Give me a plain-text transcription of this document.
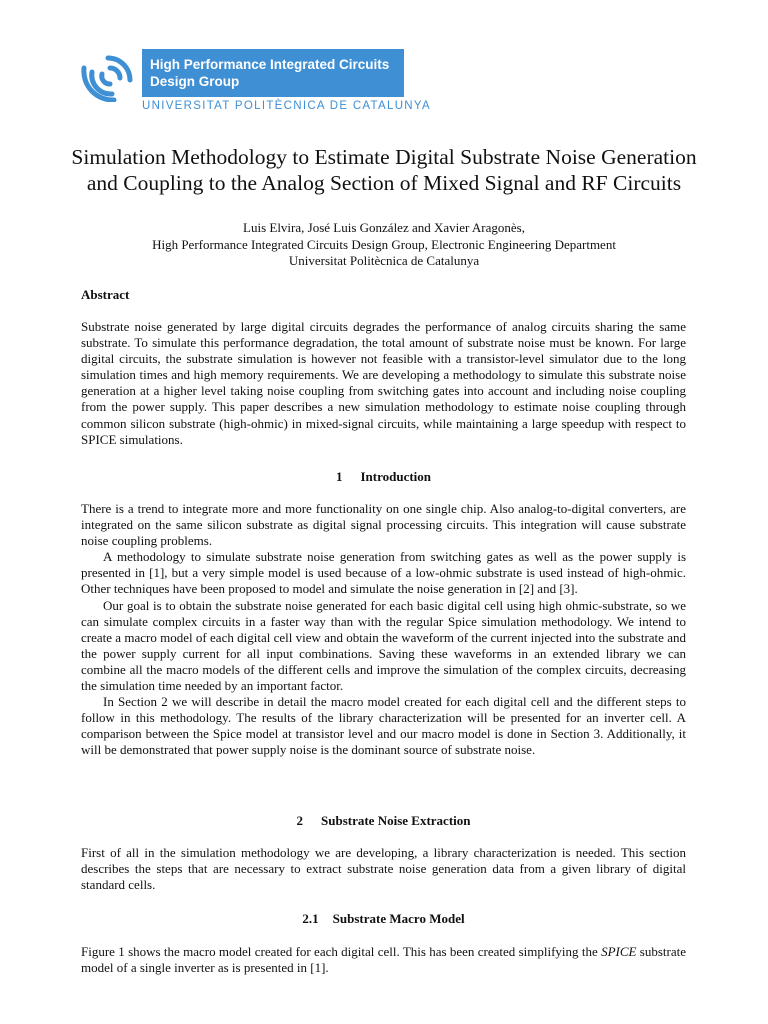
High Performance Integrated Circuits
Design Group
UNIVERSITAT POLITÈCNICA DE CATALUNYA
Simulation Methodology to Estimate Digital Substrate Noise Generation and Coupling to the Analog Section of Mixed Signal and RF Circuits
Luis Elvira, José Luis González and Xavier Aragonès,
High Performance Integrated Circuits Design Group, Electronic Engineering Department
Universitat Politècnica de Catalunya
Abstract

Substrate noise generated by large digital circuits degrades the performance of analog circuits sharing the same substrate. To simulate this performance degradation, the total amount of substrate noise must be known. For large digital circuits, the substrate simulation is however not feasible with a transistor-level simulator due to the long simulation times and high memory requirements. We are developing a methodology to simulate this substrate noise generation at a higher level taking noise coupling from switching gates into account and including noise coupling from the power supply. This paper describes a new simulation methodology to estimate noise coupling through common silicon substrate (high-ohmic) in mixed-signal circuits, while maintaining a large speedup with respect to SPICE simulations.

1 Introduction

There is a trend to integrate more and more functionality on one single chip. Also analog-to-digital converters, are integrated on the same silicon substrate as digital signal processing circuits. This integration will cause substrate noise coupling problems.

A methodology to simulate substrate noise generation from switching gates as well as the power supply is presented in [1], but a very simple model is used because of a low-ohmic substrate is used instead of high-ohmic. Other techniques have been proposed to model and simulate the noise generation in [2] and [3].

Our goal is to obtain the substrate noise generated for each basic digital cell using high ohmic-substrate, so we can simulate complex circuits in a faster way than with the regular Spice simulation methodology. We intend to create a macro model of each digital cell view and obtain the waveform of the current injected into the substrate and the power supply current for all input combinations. Saving these waveforms in an extended library we can combine all the macro models of the different cells and improve the simulation of the complex circuits, decreasing the simulation time needed by an important factor.

In Section 2 we will describe in detail the macro model created for each digital cell and the different steps to follow in this methodology. The results of the library characterization will be presented for an inverter cell. A comparison between the Spice model at transistor level and our macro model is done in Section 3. Additionally, it will be demonstrated that power supply noise is the dominant source of substrate noise.

2 Substrate Noise Extraction

First of all in the simulation methodology we are developing, a library characterization is needed. This section describes the steps that are necessary to extract substrate noise generation data from a given library of digital standard cells.

2.1 Substrate Macro Model

Figure 1 shows the macro model created for each digital cell. This has been created simplifying the SPICE substrate model of a single inverter as is presented in [1].
